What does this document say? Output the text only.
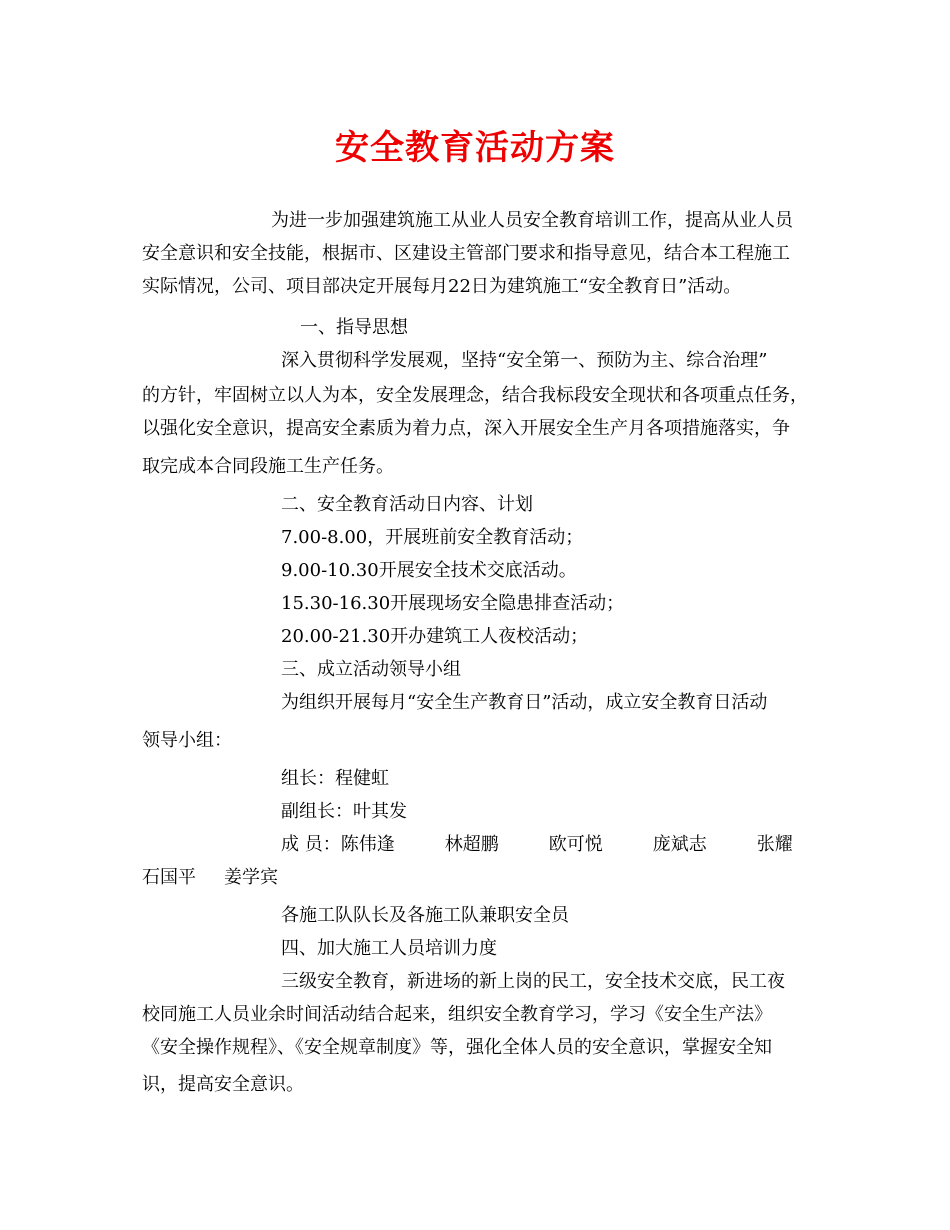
安全教育活动方案
为进一步加强建筑施工从业人员安全教育培训工作，提高从业人员
安全意识和安全技能，根据市、区建设主管部门要求和指导意见，结合本工程施工
实际情况，公司、项目部决定开展每月22日为建筑施工“安全教育日”活动。
一、指导思想
深入贯彻科学发展观，坚持“安全第一、预防为主、综合治理”
的方针，牢固树立以人为本，安全发展理念，结合我标段安全现状和各项重点任务，
以强化安全意识，提高安全素质为着力点，深入开展安全生产月各项措施落实，争
取完成本合同段施工生产任务。
二、安全教育活动日内容、计划
7.00-8.00，开展班前安全教育活动；
9.00-10.30开展安全技术交底活动。
15.30-16.30开展现场安全隐患排查活动；
20.00-21.30开办建筑工人夜校活动；
三、成立活动领导小组
为组织开展每月“安全生产教育日”活动，成立安全教育日活动
领导小组：
组长：程健虹
副组长：叶其发
成 员：陈伟逢	林超鹏	欧可悦	庞斌志	张耀
石国平 姜学宾
各施工队队长及各施工队兼职安全员
四、加大施工人员培训力度
三级安全教育，新进场的新上岗的民工，安全技术交底，民工夜
校同施工人员业余时间活动结合起来，组织安全教育学习，学习《安全生产法》
《安全操作规程》、《安全规章制度》等，强化全体人员的安全意识，掌握安全知
识，提高安全意识。
